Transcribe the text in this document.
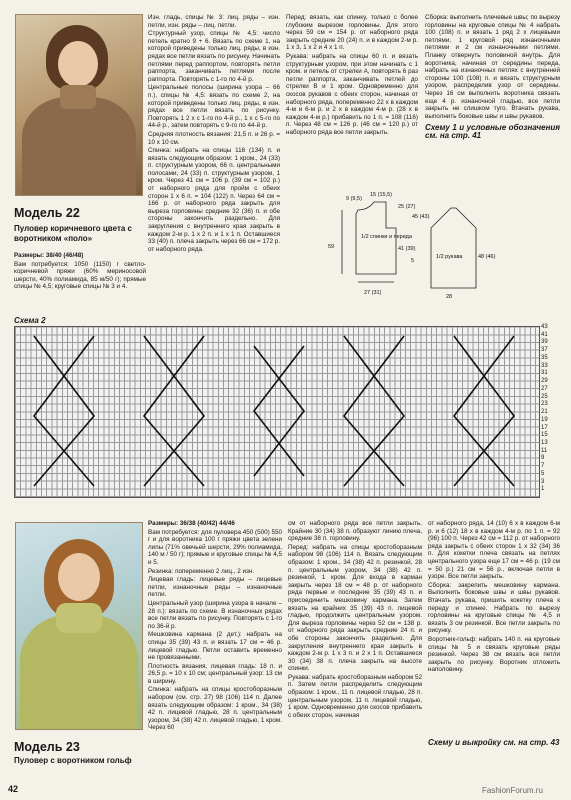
Модель 22
Пуловер коричневого цвета с воротником «поло»

Размеры: 38/40 (46/48)

Вам потребуется: 1050 (1150) г светло-коричневой пряжи (60% мериносовой шерсти, 40% полиамида, 85 м/50 г); прямые спицы № 4,5; круговые спицы № 3 и 4.

Изн. гладь, спицы № 3: лиц. ряды – изн. петли, изн. ряды – лиц. петли.

Структурный узор, спицы № 4,5: число петель кратно 9 + 6. Вязать по схеме 1, на которой приведены только лиц. ряды, в изн. рядах все петли вязать по рисунку. Начинать петлями перед раппортом, повторять петли раппорта, заканчивать петлями после раппорта. Повторять с 1-го по 4-й р.

Центральные полосы (ширина узора – 66 п.), спицы № 4,5: вязать по схеме 2, на которой приведены только лиц. ряды, в изн. рядах все петли вязать по рисунку. Повторять 1 2 х с 1-го по 4-й р., 1 х с 5-го по 44-й р., затем повторять с 9-го по 44-й р.

Средняя плотность вязания: 21,5 п. и 26 р. = 10 х 10 см.

Спинка: набрать на спицы 116 (134) п. и вязать следующим образом: 1 кром., 24 (33) п. структурным узором, 66 п. центральными полосами, 24 (33) п. структурным узором, 1 кром. Через 41 см = 106 р. (39 см = 102 р.) от наборного ряда для пройм с обеих сторон 1 х 6 п. = 104 (122) п. Через 64 см = 166 р. от наборного ряда закрыть для выреза горловины средние 32 (36) п. и обе стороны закончить раздельно. Для закругления с внутреннего края закрыть в каждом 2-м р. 1 х 2 п. и 1 х 1 п. Оставшиеся 33 (40) п. плеча закрыть через 66 см = 172 р. от наборного ряда.

Перед: вязать, как спинку, только с более глубоким вырезом горловины. Для этого через 59 см = 154 р. от наборного ряда закрыть средние 20 (24) п. и в каждом 2-м р. 1 х 3, 1 х 2 и 4 х 1 п.

Рукава: набрать на спицы 60 п. и вязать структурным узором, при этом начинать с 1 кром. и петель от стрелки А, повторять 6 раз петли раппорта, заканчивать петлей до стрелки В и 1 кром. Одновременно для скосов рукавов с обеих сторон, начиная от наборного ряда, попеременно 22 х в каждом 4-м и 6-м р. и 2 х в каждом 4-м р. (28 х в каждом 4-м р.) прибавить по 1 п. = 108 (116) п. Через 48 см = 126 р. (46 см = 120 р.) от наборного ряда все петли закрыть.

Сборка: выполнить плечевые швы; по вырезу горловины на круговые спицы № 4 набрать 100 (108) п. и вязать 1 ряд 2 х лицевыми петлями, 1 круговой ряд изнаночными петлями и 2 см изнаночными петлями. Планку отвернуть половиной внутрь. Для воротника, начиная от середины переда, набрать на изнаночных петлях с внутренней стороны 100 (108) п. и вязать структурным узором, распределив узор от середины. Через 16 см выполнить воротника связать еще 4 р. изнаночной гладью, все петли закрыть не слишком туго. Втачать рукава, выполнить боковые швы и швы рукавов.

Схему 1 и условные обозначения см. на стр. 41

1/2 спинки и переда
1/2 рукава
9 (9,5)
15 (15,5)
25 (27)
59	41 (39)
5
45 (43)
48 (46)
27 (31)
28
Схема 2
43
41
39
37
35
33
31
29
27
25
23
21
19
17
15
13
11
9
7
5
3
1
Модель 23
Пуловер с воротником гольф

Размеры: 36/38 (40/42) 44/46

Вам потребуется: для пуловера 450 (500) 550 г и для воротника 100 г пряжи цвета зелени липы (71% овечьей шерсти, 29% полиамида, 140 м / 50 г); прямые и круговые спицы № 4,5 и 5.

Резинка: попеременно 2 лиц., 2 изн.

Лицевая гладь: лицевые ряды – лицевые петли, изнаночные ряды – изнаночные петли.

Центральный узор (ширина узора в начале – 28 п.): вязать по схеме. В изнаночных рядах все петли вязать по рисунку. Повторять с 1-го по 36-й р.

Мешковина кармана (2 дет.): набрать на спицы 35 (39) 43 п. и вязать 17 см = 46 р. лицевой гладью. Петли оставить временно не провязанными.

Плотность вязания, лицевая гладь: 18 п. и 26,5 р. = 10 х 10 см; центральный узор: 13 см в ширину.

Спинка: набрать на спицы кростоборазным набором (см. стр. 27) 98 (106) 114 п. Далее вязать следующим образом: 1 кром., 34 (38) 42 п. лицевой гладью, 28 п. центральным узором, 34 (38) 42 п. лицевой гладью, 1 кром. Через 60

см от наборного ряда все петли закрыть. Крайние 30 (34) 38 п. образуют линию плеча, средние 38 п. горловину.

Перед: набрать на спицы кростоборазным набором 98 (106) 114 п. Вязать следующим образом: 1 кром., 34 (38) 42 п. резинкой, 28 п. центральным узором, 34 (38) 42 п. резинкой, 1 кром. Для входа в карман закрыть через 18 см = 48 р. от наборного ряда первые и последние 35 (39) 43 п. и присоединить мешковину кармана. Затем вязать на крайних 35 (39) 43 п. лицевой гладью, продолжить центральным узором. Для выреза горловины через 52 см = 138 р. от наборного ряда закрыть средние 24 п. и обе стороны закончить раздельно. Для закругления внутреннего края закрыть в каждом 2-м р. 1 х 3 п. и 2 х 1 п. Оставшиеся 30 (34) 38 п. плеча закрыть на высоте спинки.

Рукава: набрать кростоборазным набором 52 п. Затем петли распределить следующим образом: 1 кром., 11 п. лицевой гладью, 28 п. центральным узором, 11 п. лицевой гладью, 1 кром. Одновременно для скосов прибавить с обеих сторон, начиная

от наборного ряда, 14 (10) 6 х в каждом 6-м р. и 6 (12) 18 х в каждом 4-м р. по 1 п. = 92 (96) 100 п. Через 42 см = 112 р. от наборного ряда закрыть с обеих сторон 1 х 32 (34) 36 п. Для кокетки плеча связать на петлях центрального узора еще 17 см = 46 р. (19 см = 50 р.) 21 см = 56 р., включая петли в узоре. Все петли закрыть.

Сборка: закрепить мешковину кармана. Выполнить боковые швы и швы рукавов. Втачать рукава, пришить кокетку плеча к переду и спинке. Набрать по вырезу горловины на круговые спицы № 4,5 и вязать 3 см резинкой. Все петли закрыть по рисунку.

Воротник-гольф: набрать 140 п. на круговые спицы № 5 и связать круговые ряды резинкой. Через 38 см вязать все петли закрыть по рисунку. Воротник отложить наполовину.

Схему и выкройку см. на стр. 43
42	FashionForum.ru
